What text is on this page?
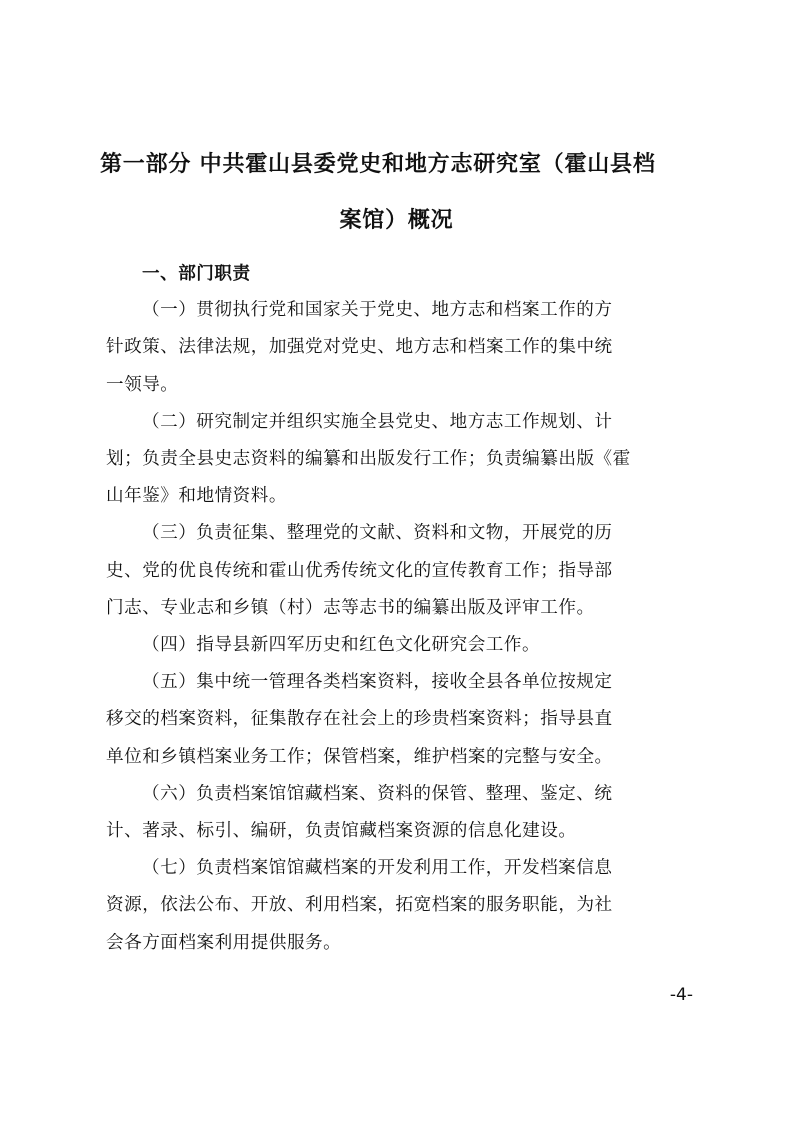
第一部分 中共霍山县委党史和地方志研究室（霍山县档
案馆）概况

一、部门职责

（一）贯彻执行党和国家关于党史、地方志和档案工作的方
针政策、法律法规，加强党对党史、地方志和档案工作的集中统
一领导。

（二）研究制定并组织实施全县党史、地方志工作规划、计
划；负责全县史志资料的编纂和出版发行工作；负责编纂出版《霍
山年鉴》和地情资料。

（三）负责征集、整理党的文献、资料和文物，开展党的历
史、党的优良传统和霍山优秀传统文化的宣传教育工作；指导部
门志、专业志和乡镇（村）志等志书的编纂出版及评审工作。

（四）指导县新四军历史和红色文化研究会工作。

（五）集中统一管理各类档案资料，接收全县各单位按规定
移交的档案资料，征集散存在社会上的珍贵档案资料；指导县直
单位和乡镇档案业务工作；保管档案，维护档案的完整与安全。

（六）负责档案馆馆藏档案、资料的保管、整理、鉴定、统
计、著录、标引、编研，负责馆藏档案资源的信息化建设。

（七）负责档案馆馆藏档案的开发利用工作，开发档案信息
资源，依法公布、开放、利用档案，拓宽档案的服务职能，为社
会各方面档案利用提供服务。

-4-
